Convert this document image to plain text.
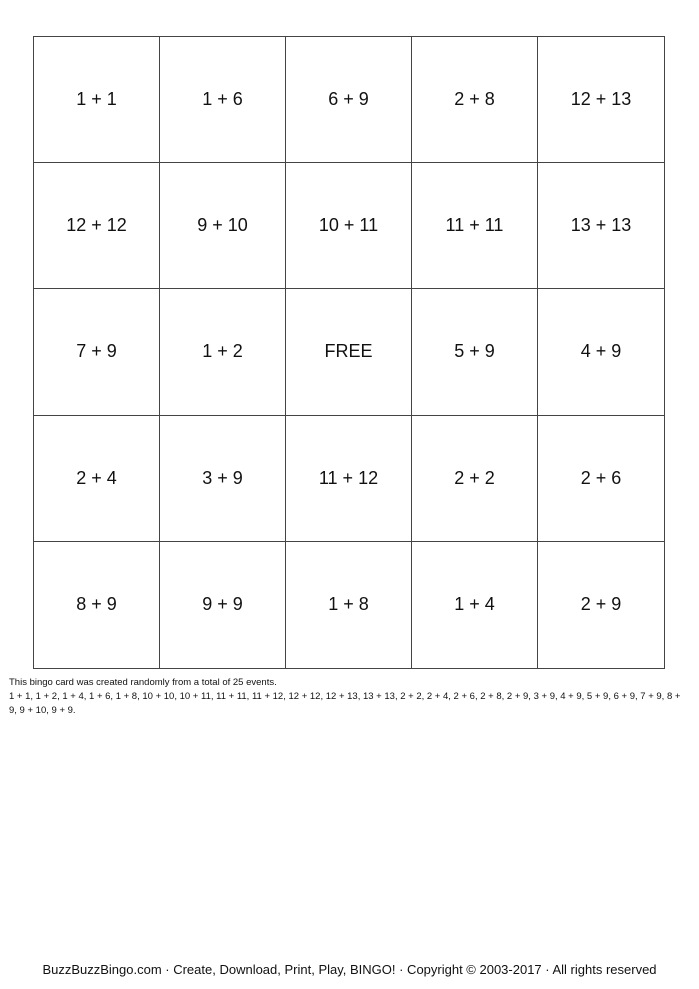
1 + 1	1 + 6	6 + 9	2 + 8	12 + 13
12 + 12	9 + 10	10 + 11	11 + 11	13 + 13
7 + 9	1 + 2	FREE	5 + 9	4 + 9
2 + 4	3 + 9	11 + 12	2 + 2	2 + 6
8 + 9	9 + 9	1 + 8	1 + 4	2 + 9
This bingo card was created randomly from a total of 25 events.
1 + 1, 1 + 2, 1 + 4, 1 + 6, 1 + 8, 10 + 10, 10 + 11, 11 + 11, 11 + 12, 12 + 12, 12 + 13, 13 + 13, 2 + 2, 2 + 4, 2 + 6, 2 + 8, 2 + 9, 3 + 9, 4 + 9, 5 + 9, 6 + 9, 7 + 9, 8 + 9, 9 + 10, 9 + 9.
BuzzBuzzBingo.com · Create, Download, Print, Play, BINGO! · Copyright © 2003-2017 · All rights reserved
